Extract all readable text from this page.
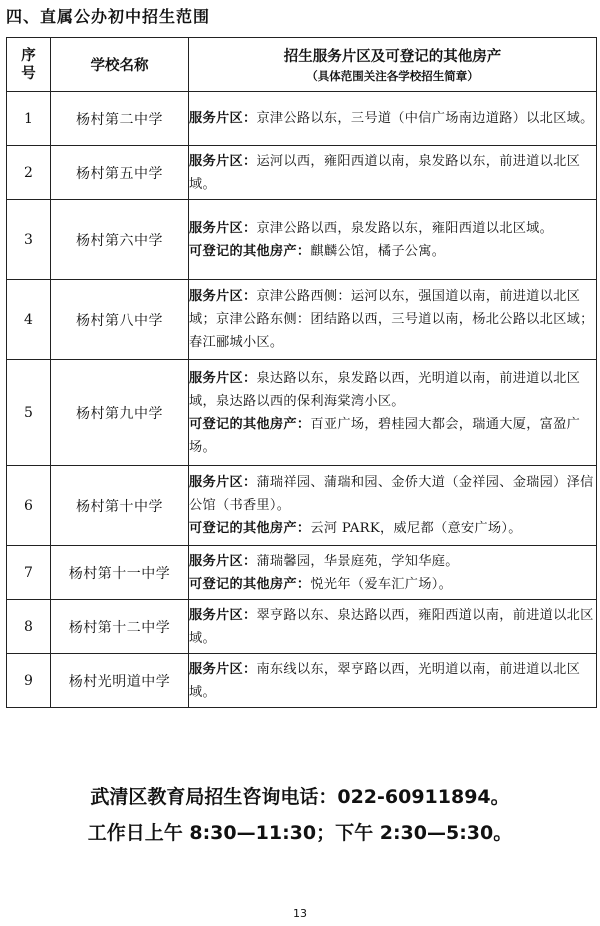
四、直属公办初中招生范围
序号	学校名称	招生服务片区及可登记的其他房产
（具体范围关注各学校招生简章）

1	杨村第二中学	服务片区：京津公路以东，三号道（中信广场南边道路）以北区域。

2	杨村第五中学	服务片区：运河以西，雍阳西道以南，泉发路以东，前进道以北区域。

3	杨村第六中学	服务片区：京津公路以西，泉发路以东，雍阳西道以北区域。
可登记的其他房产：麒麟公馆，橘子公寓。

4	杨村第八中学	服务片区：京津公路西侧：运河以东，强国道以南，前进道以北区域；京津公路东侧：团结路以西，三号道以南，杨北公路以北区域；春江郦城小区。

5	杨村第九中学	服务片区：泉达路以东，泉发路以西，光明道以南，前进道以北区域，泉达路以西的保利海棠湾小区。
可登记的其他房产：百亚广场，碧桂园大都会，瑞通大厦，富盈广场。

6	杨村第十中学	服务片区：蒲瑞祥园、蒲瑞和园、金侨大道（金祥园、金瑞园）泽信公馆（书香里）。
可登记的其他房产：云河 PARK，威尼都（意安广场）。

7	杨村第十一中学	服务片区：蒲瑞馨园，华景庭苑，学知华庭。
可登记的其他房产：悦光年（爱车汇广场）。

8	杨村第十二中学	服务片区：翠亨路以东、泉达路以西，雍阳西道以南，前进道以北区域。

9	杨村光明道中学	服务片区：南东线以东，翠亨路以西，光明道以南，前进道以北区域。
武清区教育局招生咨询电话：022-60911894。
工作日上午 8:30—11:30；下午 2:30—5:30。
13
